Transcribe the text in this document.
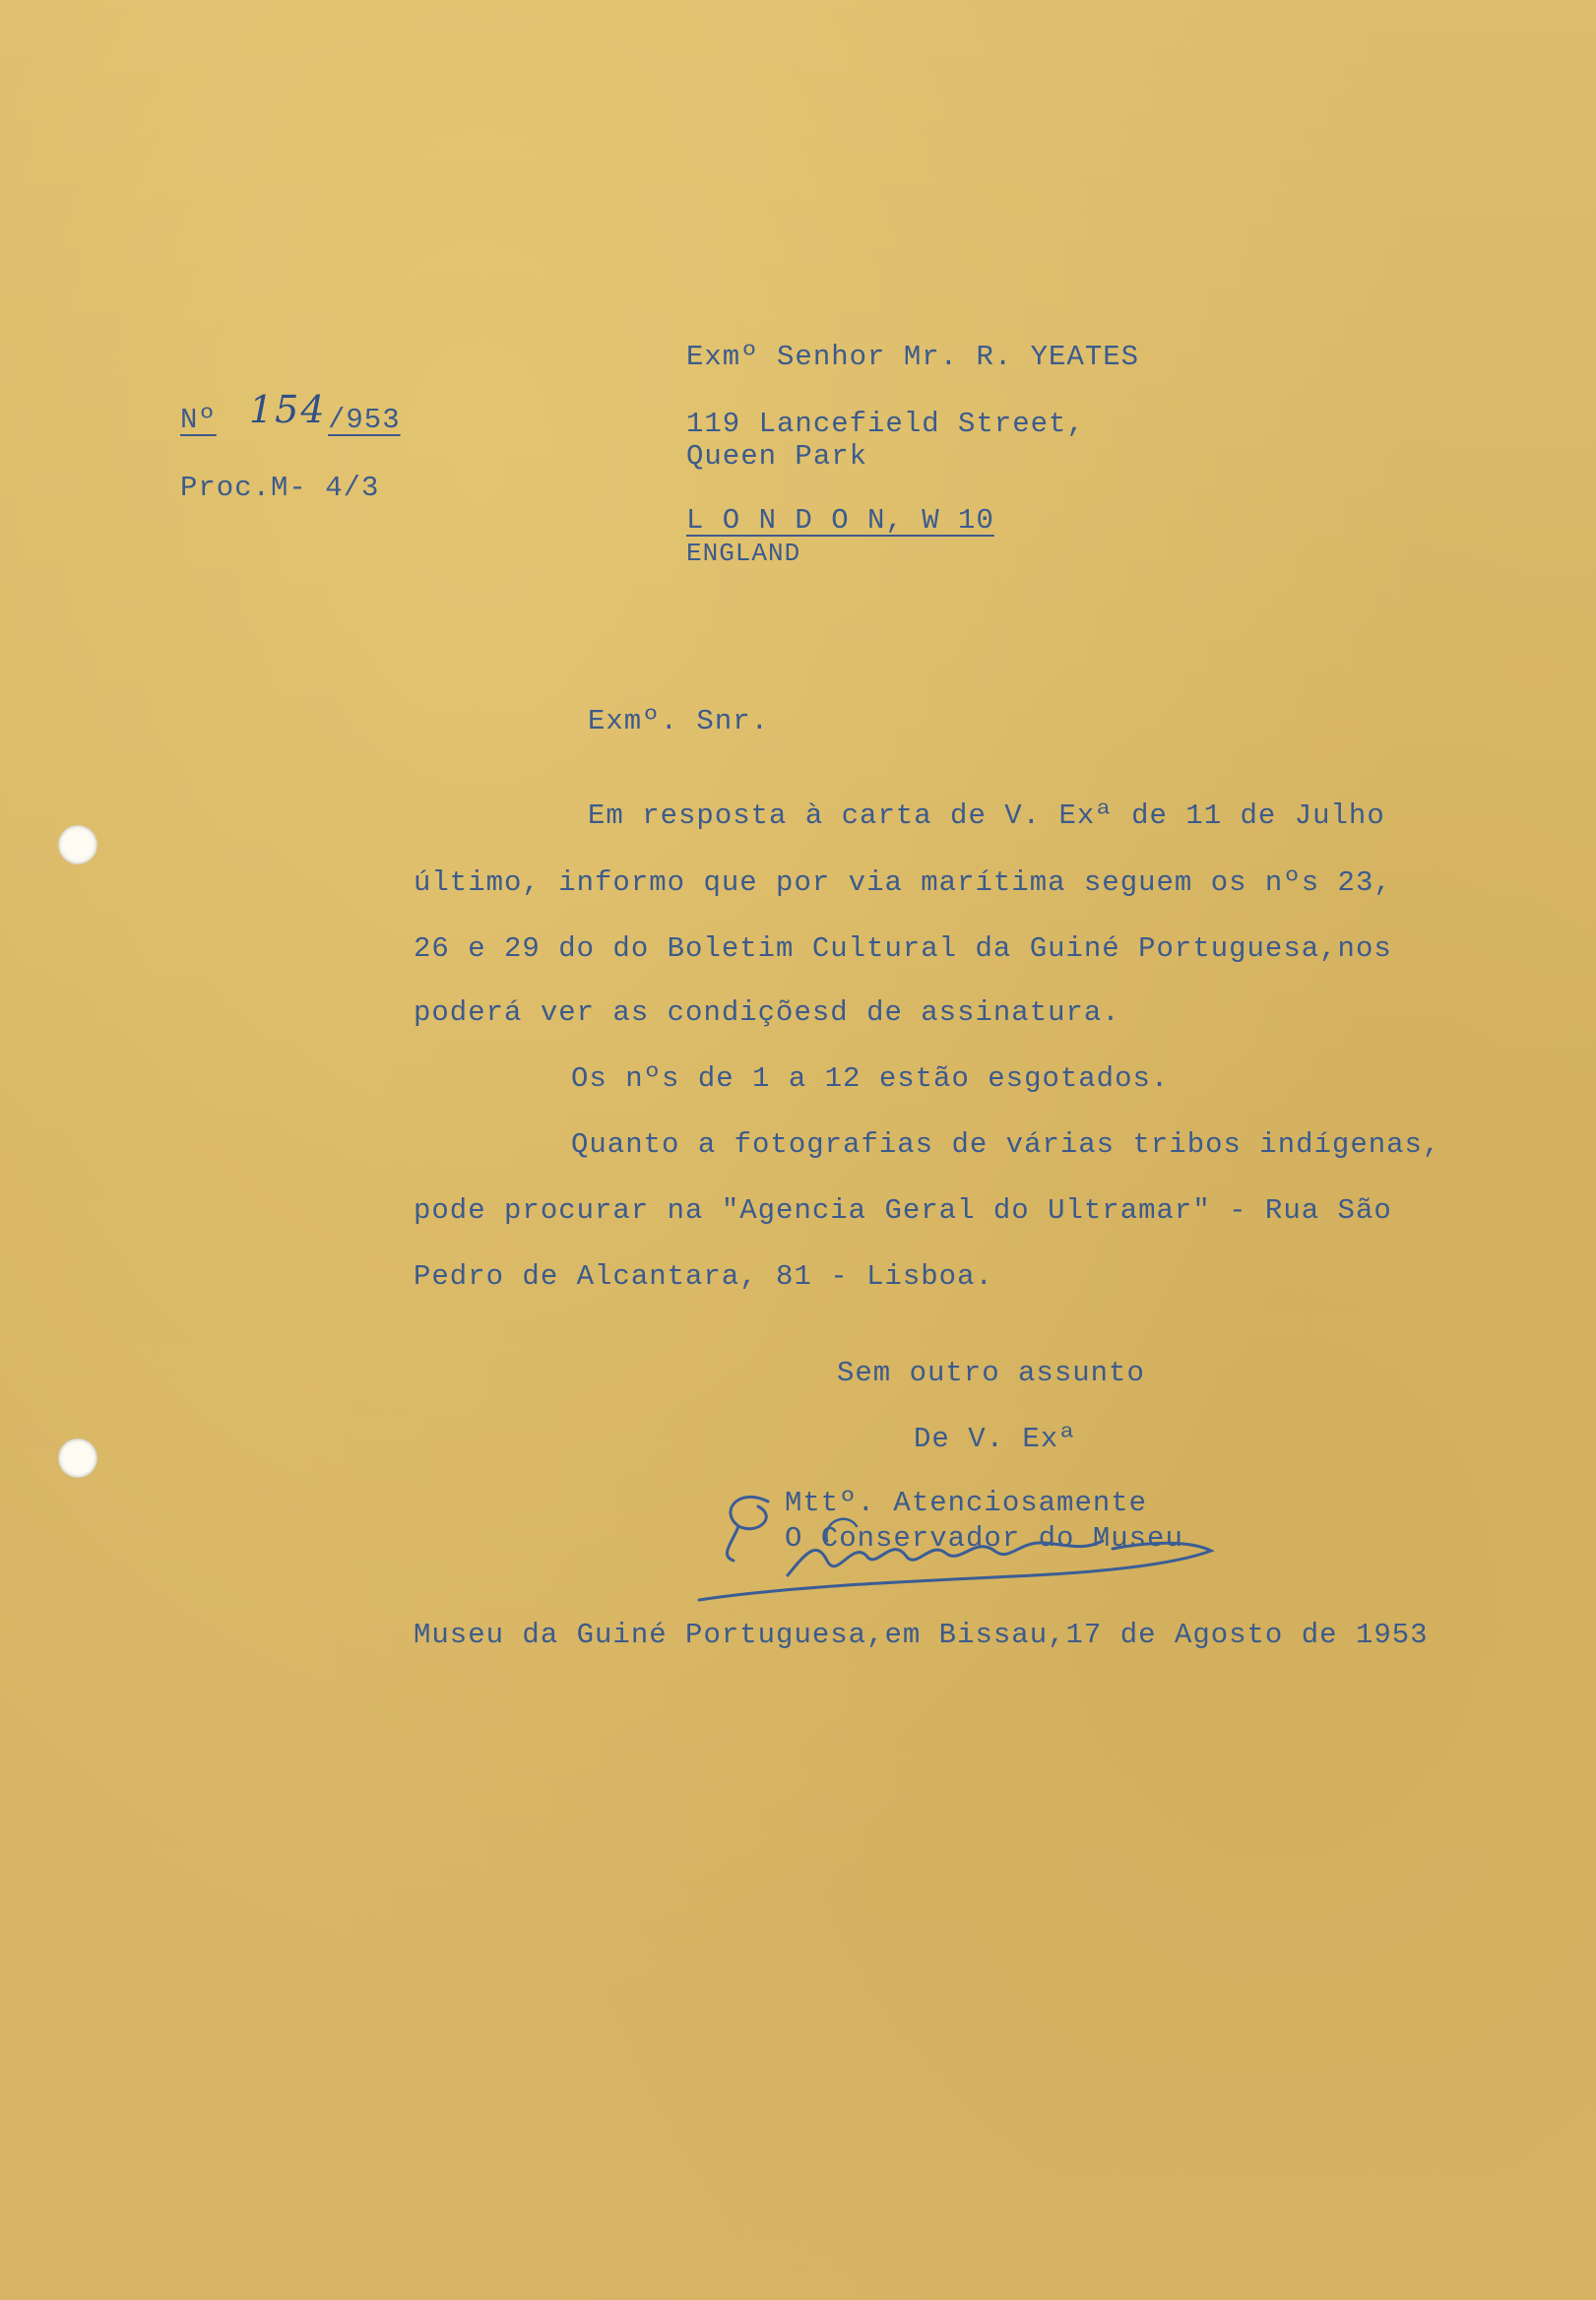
Nº 154 /953
Proc.M- 4/3
Exmº Senhor Mr. R. YEATES
119 Lancefield Street,
Queen Park
L O N D O N, W 10
ENGLAND
Exmº. Snr.
Em resposta à carta de V. Exª de 11 de Julho
último, informo que por via marítima seguem os nºs 23,
26 e 29 do do Boletim Cultural da Guiné Portuguesa,nos
poderá ver as condiçõesd de assinatura.
Os nºs de 1 a 12 estão esgotados.
Quanto a fotografias de várias tribos indígenas,
pode procurar na "Agencia Geral do Ultramar" - Rua São
Pedro de Alcantara, 81 - Lisboa.
Sem outro assunto
De V. Exª
Mttº. Atenciosamente
O Conservador do Museu
Museu da Guiné Portuguesa,em Bissau,17 de Agosto de 1953
